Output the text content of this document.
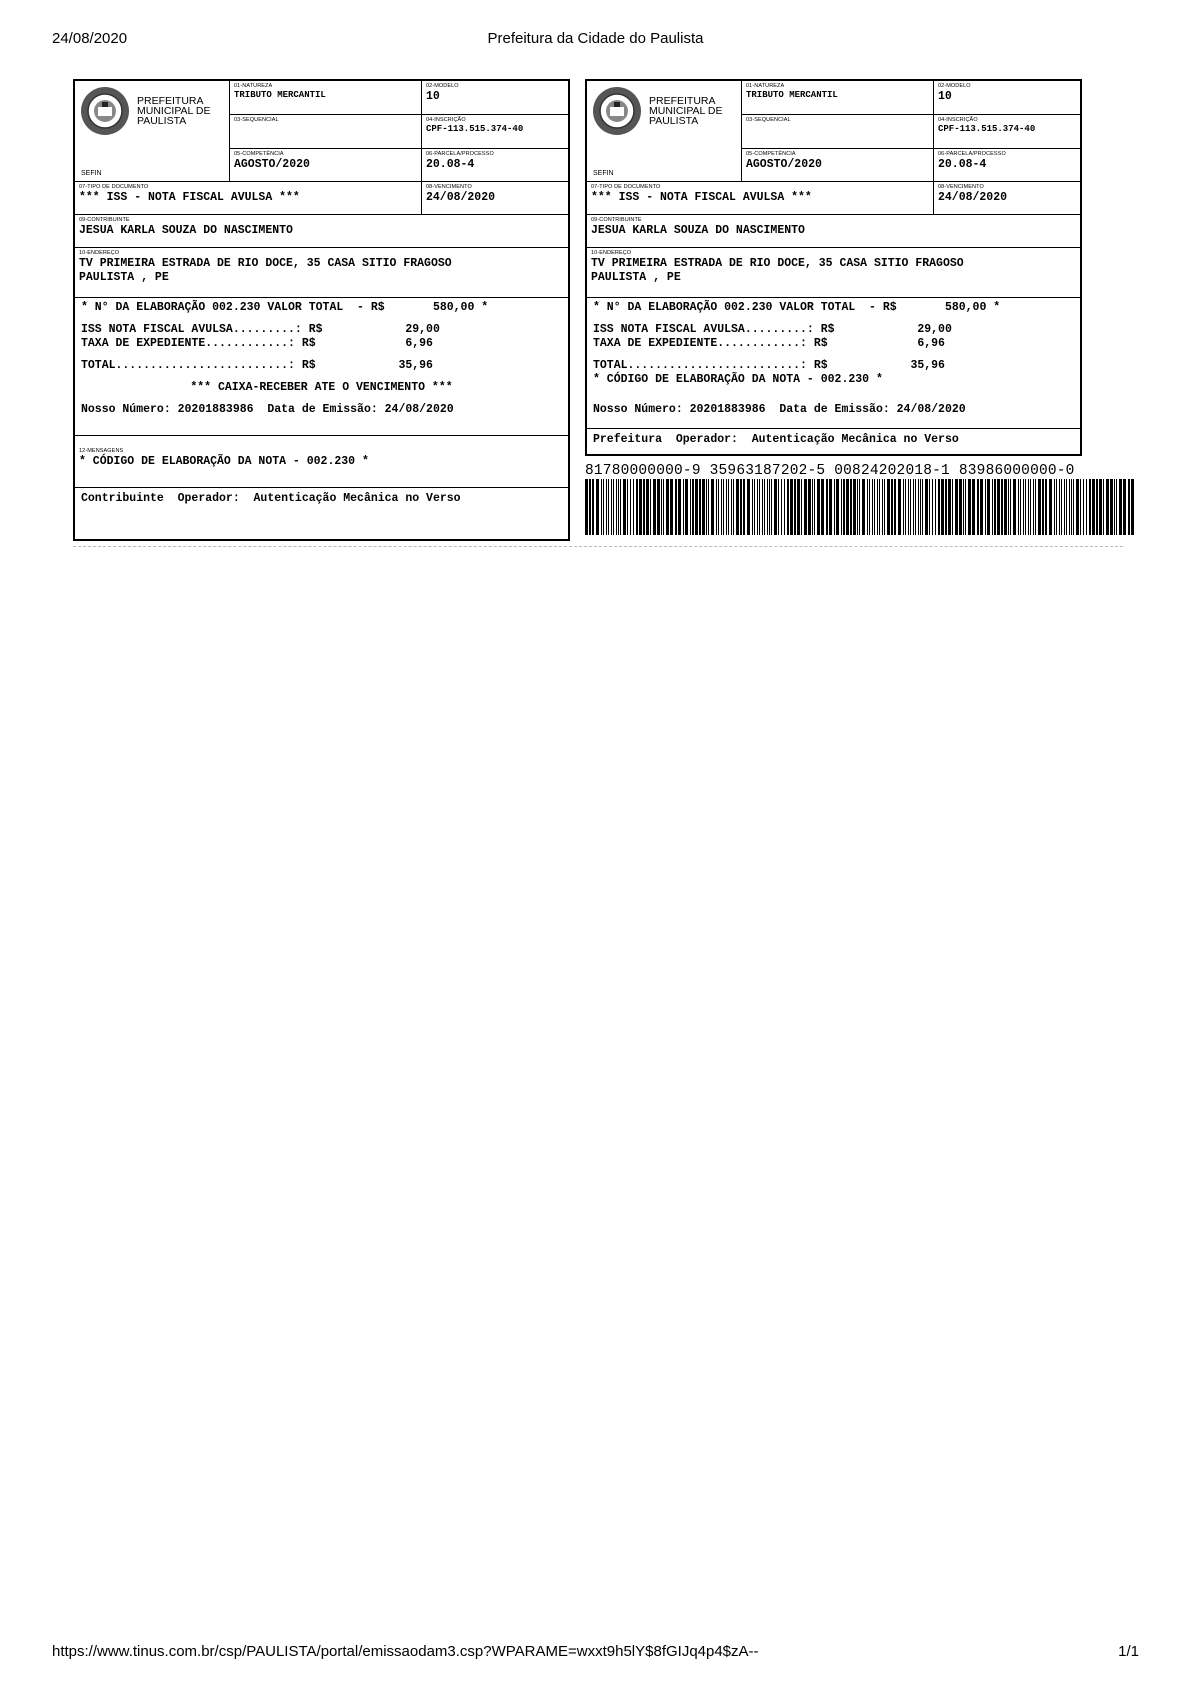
24/08/2020	Prefeitura da Cidade do Paulista
PREFEITURA
MUNICIPAL DE
PAULISTA
SEFIN
01-NATUREZA
TRIBUTO MERCANTIL
03-SEQUENCIAL
05-COMPETÊNCIA
AGOSTO/2020
02-MODELO
10
04-INSCRIÇÃO
CPF-113.515.374-40
06-PARCELA/PROCESSO
20.08-4
07-TIPO DE DOCUMENTO
*** ISS - NOTA FISCAL AVULSA ***
08-VENCIMENTO
24/08/2020
09-CONTRIBUINTE
JESUA KARLA SOUZA DO NASCIMENTO
10-ENDEREÇO
TV PRIMEIRA ESTRADA DE RIO DOCE, 35 CASA SITIO FRAGOSO
PAULISTA , PE
* N° DA ELABORAÇÃO 002.230 VALOR TOTAL  - R$       580,00 *
ISS NOTA FISCAL AVULSA.........: R$            29,00
TAXA DE EXPEDIENTE............: R$             6,96
TOTAL.........................: R$            35,96
*** CAIXA-RECEBER ATE O VENCIMENTO ***
Nosso Número: 20201883986  Data de Emissão: 24/08/2020
12-MENSAGENS
* CÓDIGO DE ELABORAÇÃO DA NOTA - 002.230 *
Contribuinte  Operador:  Autenticação Mecânica no Verso
PREFEITURA
MUNICIPAL DE
PAULISTA
SEFIN
01-NATUREZA
TRIBUTO MERCANTIL
03-SEQUENCIAL
05-COMPETÊNCIA
AGOSTO/2020
02-MODELO
10
04-INSCRIÇÃO
CPF-113.515.374-40
06-PARCELA/PROCESSO
20.08-4
07-TIPO DE DOCUMENTO
*** ISS - NOTA FISCAL AVULSA ***
08-VENCIMENTO
24/08/2020
09-CONTRIBUINTE
JESUA KARLA SOUZA DO NASCIMENTO
10-ENDEREÇO
TV PRIMEIRA ESTRADA DE RIO DOCE, 35 CASA SITIO FRAGOSO
PAULISTA , PE
* N° DA ELABORAÇÃO 002.230 VALOR TOTAL  - R$       580,00 *
ISS NOTA FISCAL AVULSA.........: R$            29,00
TAXA DE EXPEDIENTE............: R$             6,96
TOTAL.........................: R$            35,96
* CÓDIGO DE ELABORAÇÃO DA NOTA - 002.230 *
Nosso Número: 20201883986  Data de Emissão: 24/08/2020
Prefeitura  Operador:  Autenticação Mecânica no Verso
81780000000-9 35963187202-5 00824202018-1 83986000000-0
https://www.tinus.com.br/csp/PAULISTA/portal/emissaodam3.csp?WPARAME=wxxt9h5lY$8fGIJq4p4$zA--	1/1
